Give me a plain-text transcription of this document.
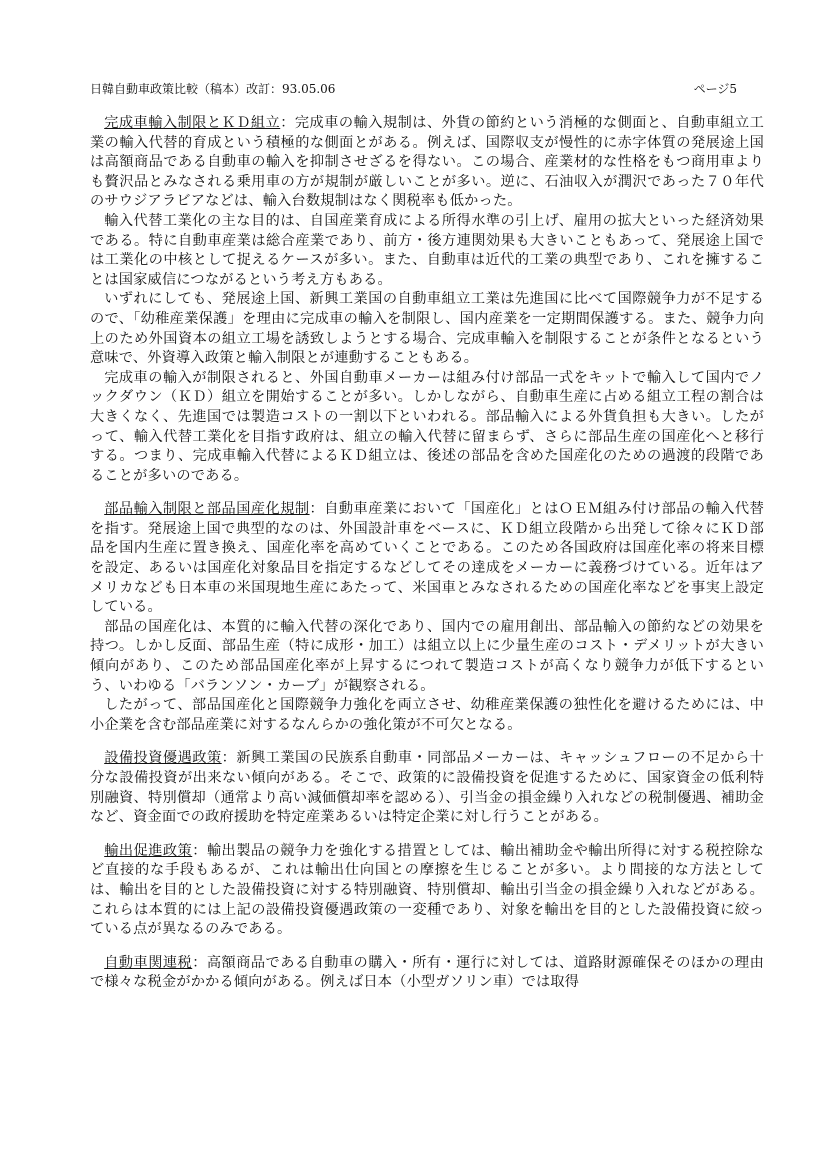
日韓自動車政策比較（稿本）改訂：93.05.06	ページ5

完成車輸入制限とＫＤ組立：完成車の輸入規制は、外貨の節約という消極的な側面と、自動車組立工業の輸入代替的育成という積極的な側面とがある。例えば、国際収支が慢性的に赤字体質の発展途上国は高額商品である自動車の輸入を抑制させざるを得ない。この場合、産業材的な性格をもつ商用車よりも贅沢品とみなされる乗用車の方が規制が厳しいことが多い。逆に、石油収入が潤沢であった７０年代のサウジアラビアなどは、輸入台数規制はなく関税率も低かった。

輸入代替工業化の主な目的は、自国産業育成による所得水準の引上げ、雇用の拡大といった経済効果である。特に自動車産業は総合産業であり、前方・後方連関効果も大きいこともあって、発展途上国では工業化の中核として捉えるケースが多い。また、自動車は近代的工業の典型であり、これを擁することは国家威信につながるという考え方もある。

いずれにしても、発展途上国、新興工業国の自動車組立工業は先進国に比べて国際競争力が不足するので、「幼稚産業保護」を理由に完成車の輸入を制限し、国内産業を一定期間保護する。また、競争力向上のため外国資本の組立工場を誘致しようとする場合、完成車輸入を制限することが条件となるという意味で、外資導入政策と輸入制限とが連動することもある。

完成車の輸入が制限されると、外国自動車メーカーは組み付け部品一式をキットで輸入して国内でノックダウン（ＫＤ）組立を開始することが多い。しかしながら、自動車生産に占める組立工程の割合は大きくなく、先進国では製造コストの一割以下といわれる。部品輸入による外貨負担も大きい。したがって、輸入代替工業化を目指す政府は、組立の輸入代替に留まらず、さらに部品生産の国産化へと移行する。つまり、完成車輸入代替によるＫＤ組立は、後述の部品を含めた国産化のための過渡的段階であることが多いのである。

部品輸入制限と部品国産化規制：自動車産業において「国産化」とはＯＥＭ組み付け部品の輸入代替を指す。発展途上国で典型的なのは、外国設計車をベースに、ＫＤ組立段階から出発して徐々にＫＤ部品を国内生産に置き換え、国産化率を高めていくことである。このため各国政府は国産化率の将来目標を設定、あるいは国産化対象品目を指定するなどしてその達成をメーカーに義務づけている。近年はアメリカなども日本車の米国現地生産にあたって、米国車とみなされるための国産化率などを事実上設定している。

部品の国産化は、本質的に輸入代替の深化であり、国内での雇用創出、部品輸入の節約などの効果を持つ。しかし反面、部品生産（特に成形・加工）は組立以上に少量生産のコスト・デメリットが大きい傾向があり、このため部品国産化率が上昇するにつれて製造コストが高くなり競争力が低下するという、いわゆる「バランソン・カーブ」が観察される。

したがって、部品国産化と国際競争力強化を両立させ、幼稚産業保護の独性化を避けるためには、中小企業を含む部品産業に対するなんらかの強化策が不可欠となる。

設備投資優遇政策：新興工業国の民族系自動車・同部品メーカーは、キャッシュフローの不足から十分な設備投資が出来ない傾向がある。そこで、政策的に設備投資を促進するために、国家資金の低利特別融資、特別償却（通常より高い減価償却率を認める）、引当金の損金繰り入れなどの税制優遇、補助金など、資金面での政府援助を特定産業あるいは特定企業に対し行うことがある。

輸出促進政策：輸出製品の競争力を強化する措置としては、輸出補助金や輸出所得に対する税控除など直接的な手段もあるが、これは輸出仕向国との摩擦を生じることが多い。より間接的な方法としては、輸出を目的とした設備投資に対する特別融資、特別償却、輸出引当金の損金繰り入れなどがある。これらは本質的には上記の設備投資優遇政策の一変種であり、対象を輸出を目的とした設備投資に絞っている点が異なるのみである。

自動車関連税：高額商品である自動車の購入・所有・運行に対しては、道路財源確保そのほかの理由で様々な税金がかかる傾向がある。例えば日本（小型ガソリン車）では取得
